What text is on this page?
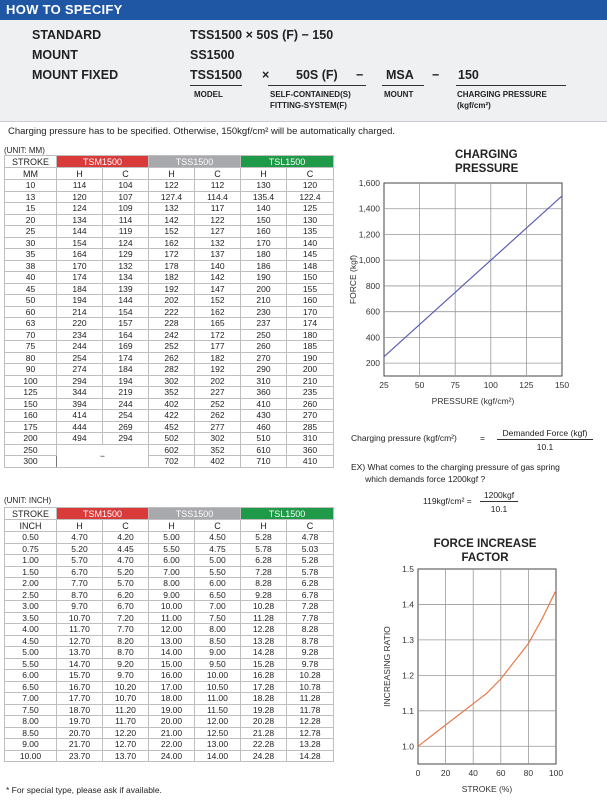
HOW TO SPECIFY
STANDARD	TSS1500 × 50S (F) − 150
MOUNT	SS1500
MOUNT FIXED	TSS1500 × 50S (F) − MSA − 150
MODEL	SELF-CONTAINED(S)
FITTING-SYSTEM(F)
MOUNT	CHARGING PRESSURE
(kgf/cm²)
Charging pressure has to be specified. Otherwise, 150kgf/cm² will be automatically charged.
(UNIT: MM)
STROKE	TSM1500		TSS1500		TSL1500	
MM	H	C	H	C	H	C
10	114	104	122	112	130	120
13	120	107	127.4	114.4	135.4	122.4
15	124	109	132	117	140	125
20	134	114	142	122	150	130
25	144	119	152	127	160	135
30	154	124	162	132	170	140
35	164	129	172	137	180	145
38	170	132	178	140	186	148
40	174	134	182	142	190	150
45	184	139	192	147	200	155
50	194	144	202	152	210	160
60	214	154	222	162	230	170
63	220	157	228	165	237	174
70	234	164	242	172	250	180
75	244	169	252	177	260	185
80	254	174	262	182	270	190
90	274	184	282	192	290	200
100	294	194	302	202	310	210
125	344	219	352	227	360	235
150	394	244	402	252	410	260
160	414	254	422	262	430	270
175	444	269	452	277	460	285
200	494	294	502	302	510	310
250	−		602	352	610	360
300			702	402	710	410
(UNIT: INCH)
STROKE	TSM1500		TSS1500		TSL1500	
INCH	H	C	H	C	H	C
0.50	4.70	4.20	5.00	4.50	5.28	4.78
0.75	5.20	4.45	5.50	4.75	5.78	5.03
1.00	5.70	4.70	6.00	5.00	6.28	5.28
1.50	6.70	5.20	7.00	5.50	7.28	5.78
2.00	7.70	5.70	8.00	6.00	8.28	6.28
2.50	8.70	6.20	9.00	6.50	9.28	6.78
3.00	9.70	6.70	10.00	7.00	10.28	7.28
3.50	10.70	7.20	11.00	7.50	11.28	7.78
4.00	11.70	7.70	12.00	8.00	12.28	8.28
4.50	12.70	8.20	13.00	8.50	13.28	8.78
5.00	13.70	8.70	14.00	9.00	14.28	9.28
5.50	14.70	9.20	15.00	9.50	15.28	9.78
6.00	15.70	9.70	16.00	10.00	16.28	10.28
6.50	16.70	10.20	17.00	10.50	17.28	10.78
7.00	17.70	10.70	18.00	11.00	18.28	11.28
7.50	18.70	11.20	19.00	11.50	19.28	11.78
8.00	19.70	11.70	20.00	12.00	20.28	12.28
8.50	20.70	12.20	21.00	12.50	21.28	12.78
9.00	21.70	12.70	22.00	13.00	22.28	13.28
10.00	23.70	13.70	24.00	14.00	24.28	14.28
* For special type, please ask if available.
CHARGING
PRESSURE
25	50	75	100	125	150
200
400
600
800
1,000
1,200
1,400
1,600
PRESSURE (kgf/cm²)
FORCE (kgf)
Charging pressure (kgf/cm²)	=	Demanded Force (kgf)
10.1
EX) What comes to the charging pressure of gas spring
which demands force 1200kgf ?
119kgf/cm² =
1200kgf
10.1
FORCE INCREASE
FACTOR
0 20 40 60 80 100
1.0
1.1
1.2
1.3
1.4
1.5
STROKE (%)
INCREASING RATIO
